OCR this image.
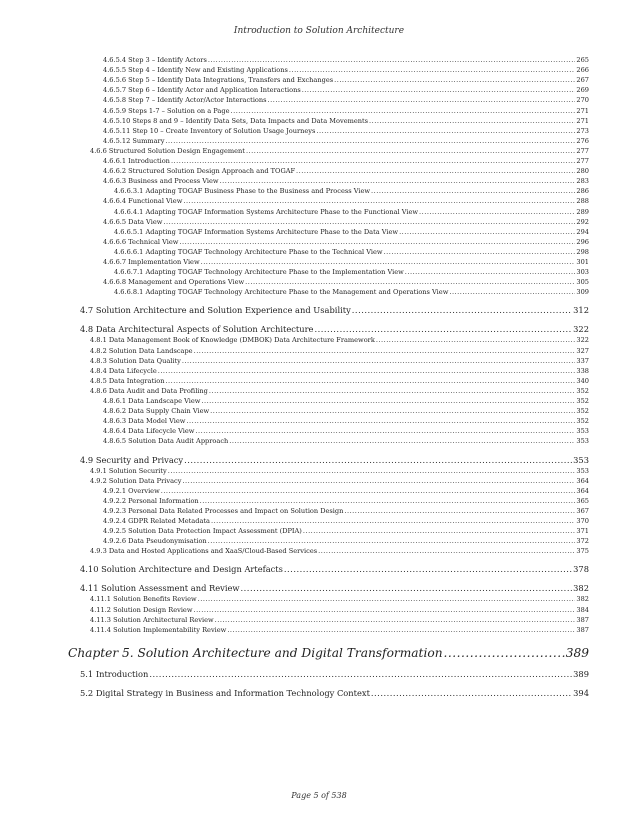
Introduction to Solution Architecture
4.6.5.4 Step 3 – Identify Actors .....	265
4.6.5.5 Step 4 – Identify New and Existing Applications .....	266
4.6.5.6 Step 5 – Identify Data Integrations, Transfers and Exchanges .....	267
4.6.5.7 Step 6 – Identify Actor and Application Interactions .....	269
4.6.5.8 Step 7 – Identify Actor/Actor Interactions .....	270
4.6.5.9 Steps 1-7 – Solution on a Page .....	271
4.6.5.10 Steps 8 and 9 – Identify Data Sets, Data Impacts and Data Movements .....	271
4.6.5.11 Step 10 – Create Inventory of Solution Usage Journeys .....	273
4.6.5.12 Summary .....	276
4.6.6 Structured Solution Design Engagement .....	277
4.6.6.1 Introduction .....	277
4.6.6.2 Structured Solution Design Approach and TOGAF .....	280
4.6.6.3 Business and Process View .....	283
4.6.6.3.1 Adapting TOGAF Business Phase to the Business and Process View .....	286
4.6.6.4 Functional View .....	288
4.6.6.4.1 Adapting TOGAF Information Systems Architecture Phase to the Functional View .....	289
4.6.6.5 Data View .....	292
4.6.6.5.1 Adapting TOGAF Information Systems Architecture Phase to the Data View .....	294
4.6.6.6 Technical View .....	296
4.6.6.6.1 Adapting TOGAF Technology Architecture Phase to the Technical View .....	298
4.6.6.7 Implementation View .....	301
4.6.6.7.1 Adapting TOGAF Technology Architecture Phase to the Implementation View .....	303
4.6.6.8 Management and Operations View .....	305
4.6.6.8.1 Adapting TOGAF Technology Architecture Phase to the Management and Operations View .....	309
4.7 Solution Architecture and Solution Experience and Usability .....	312
4.8 Data Architectural Aspects of Solution Architecture .....	322
4.8.1 Data Management Book of Knowledge (DMBOK) Data Architecture Framework .....	322
4.8.2 Solution Data Landscape .....	327
4.8.3 Solution Data Quality .....	337
4.8.4 Data Lifecycle .....	338
4.8.5 Data Integration .....	340
4.8.6 Data Audit and Data Profiling .....	352
4.8.6.1 Data Landscape View .....	352
4.8.6.2 Data Supply Chain View .....	352
4.8.6.3 Data Model View .....	352
4.8.6.4 Data Lifecycle View .....	353
4.8.6.5 Solution Data Audit Approach .....	353
4.9 Security and Privacy .....	353
4.9.1 Solution Security .....	353
4.9.2 Solution Data Privacy .....	364
4.9.2.1 Overview .....	364
4.9.2.2 Personal Information .....	365
4.9.2.3 Personal Data Related Processes and Impact on Solution Design .....	367
4.9.2.4 GDPR Related Metadata .....	370
4.9.2.5 Solution Data Protection Impact Assessment (DPIA) .....	371
4.9.2.6 Data Pseudonymisation .....	372
4.9.3 Data and Hosted Applications and XaaS/Cloud-Based Services .....	375
4.10 Solution Architecture and Design Artefacts .....	378
4.11 Solution Assessment and Review .....	382
4.11.1 Solution Benefits Review .....	382
4.11.2 Solution Design Review .....	384
4.11.3 Solution Architectural Review .....	387
4.11.4 Solution Implementability Review .....	387
Chapter 5. Solution Architecture and Digital Transformation .....	389
5.1 Introduction .....	389
5.2 Digital Strategy in Business and Information Technology Context .....	394
Page 5 of 538
